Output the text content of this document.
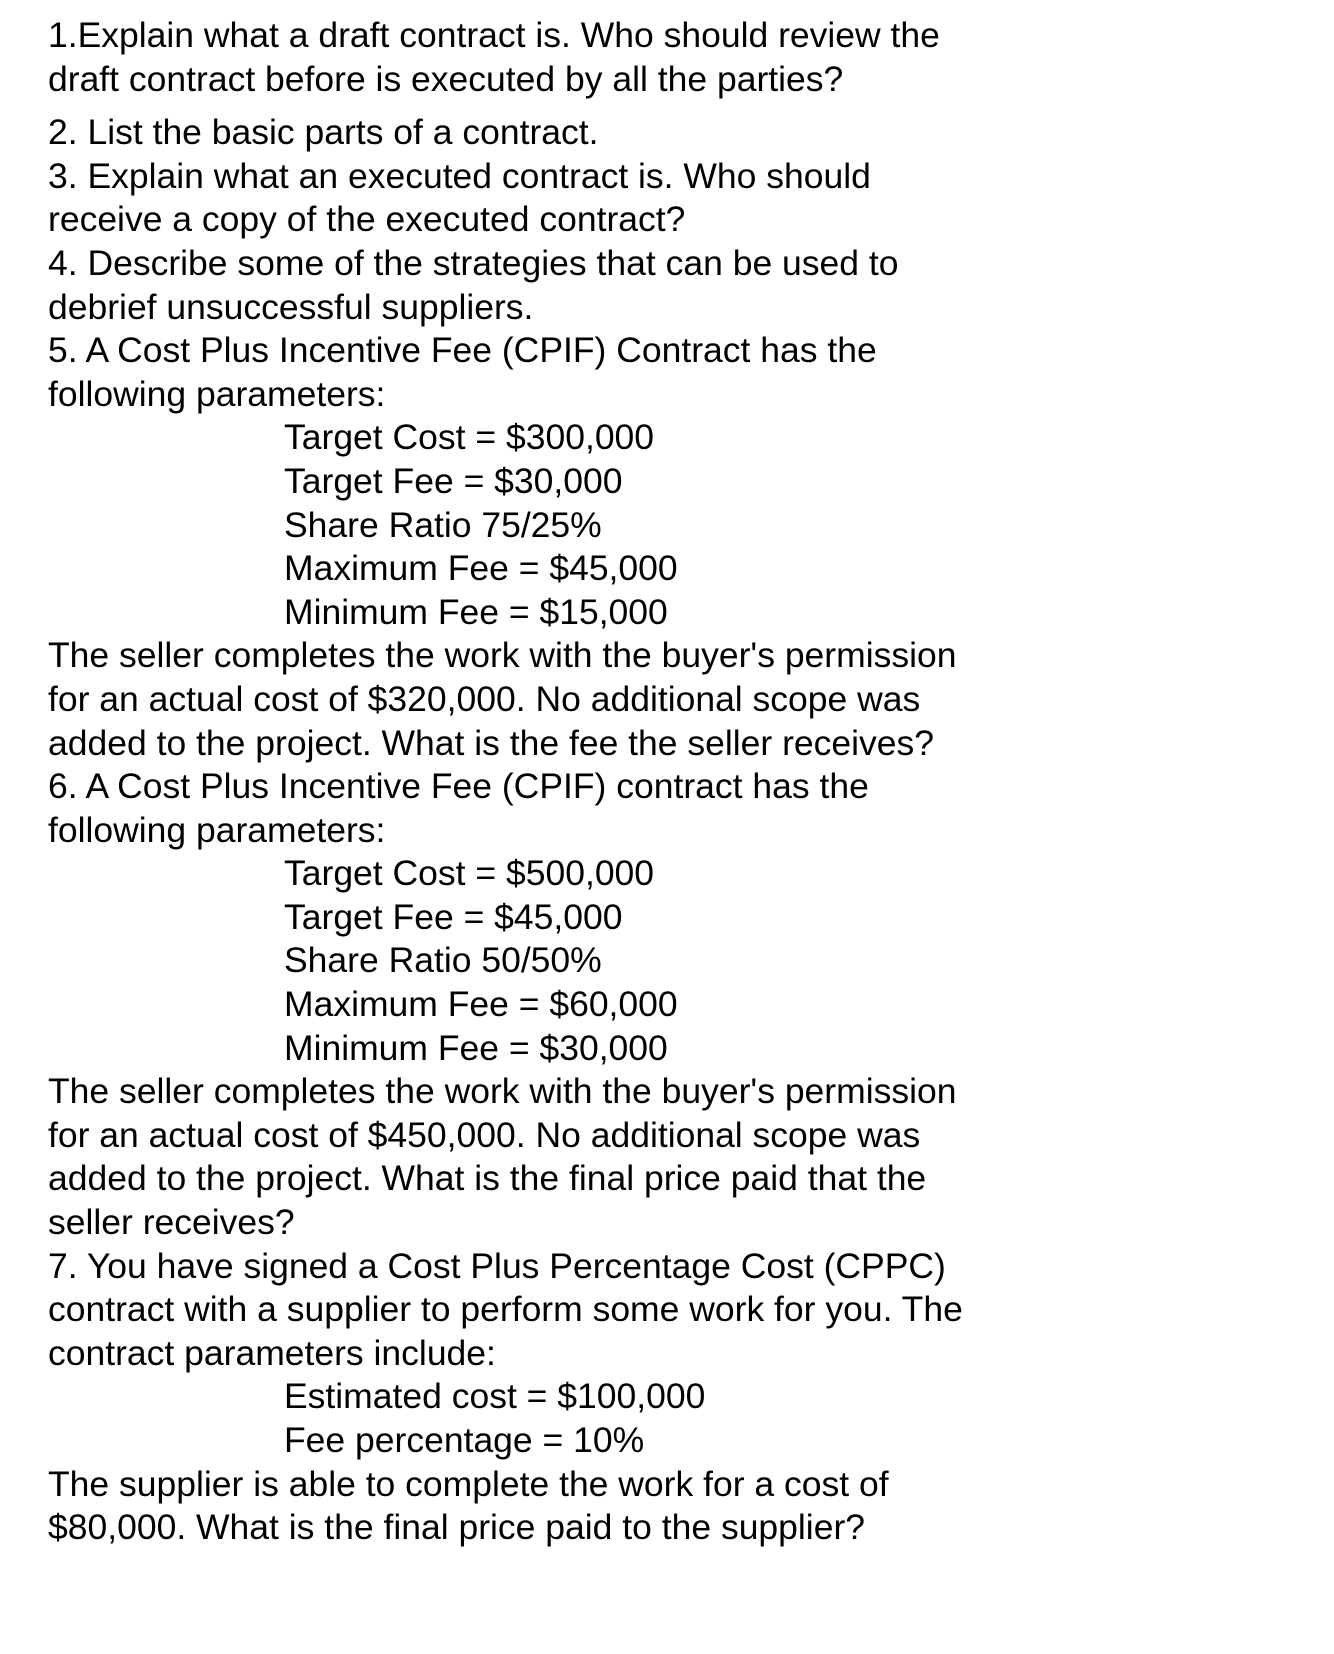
1.Explain what a draft contract is. Who should review the
draft contract before is executed by all the parties?
2. List the basic parts of a contract.
3. Explain what an executed contract is. Who should
receive a copy of the executed contract?
4. Describe some of the strategies that can be used to
debrief unsuccessful suppliers.
5. A Cost Plus Incentive Fee (CPIF) Contract has the
following parameters:
Target Cost = $300,000
Target Fee = $30,000
Share Ratio 75/25%
Maximum Fee = $45,000
Minimum Fee = $15,000
The seller completes the work with the buyer's permission
for an actual cost of $320,000. No additional scope was
added to the project. What is the fee the seller receives?
6. A Cost Plus Incentive Fee (CPIF) contract has the
following parameters:
Target Cost = $500,000
Target Fee = $45,000
Share Ratio 50/50%
Maximum Fee = $60,000
Minimum Fee = $30,000
The seller completes the work with the buyer's permission
for an actual cost of $450,000. No additional scope was
added to the project. What is the final price paid that the
seller receives?
7. You have signed a Cost Plus Percentage Cost (CPPC)
contract with a supplier to perform some work for you. The
contract parameters include:
Estimated cost = $100,000
Fee percentage = 10%
The supplier is able to complete the work for a cost of
$80,000. What is the final price paid to the supplier?
